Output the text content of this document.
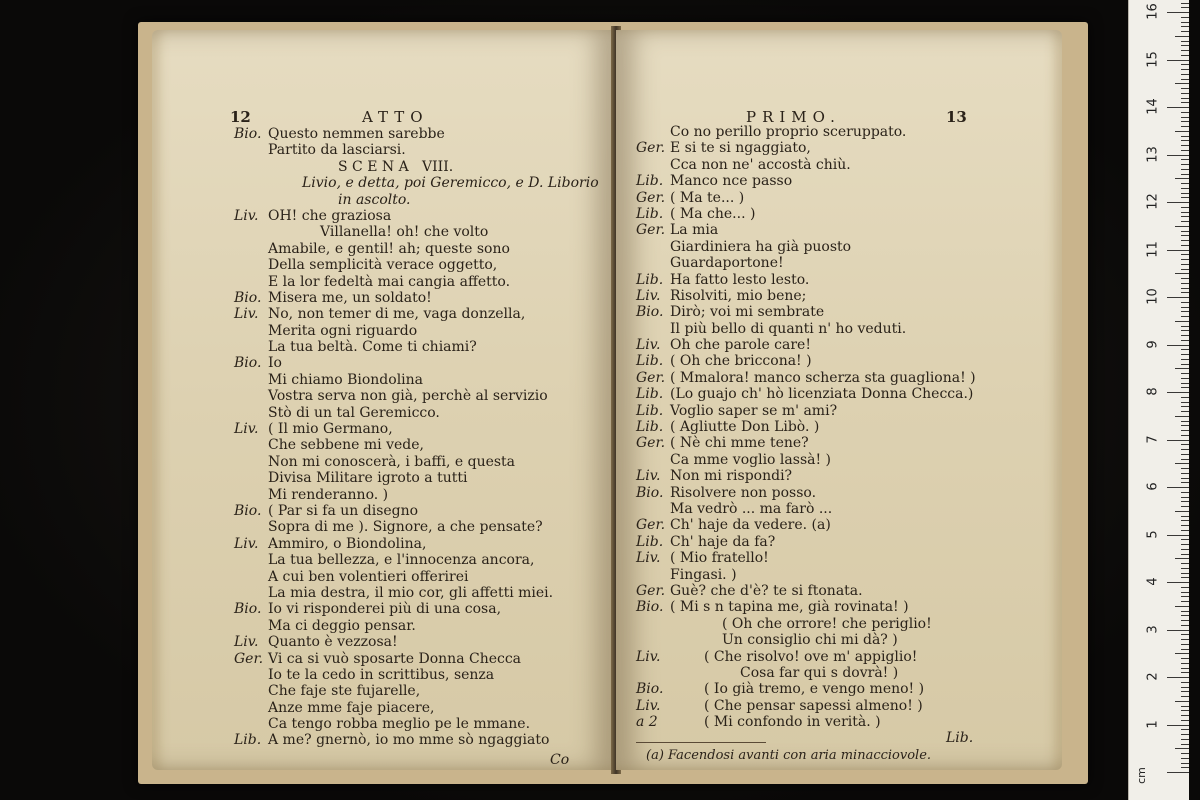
12	ATTO
Bio. Questo nemmen sarebbe
Partito da lasciarsi.
S C E N A   VIII.
Livio, e detta, poi Geremicco, e D. Liborio
in ascolto.
Liv. OH! che graziosa
Villanella! oh! che volto
Amabile, e gentil! ah; queste sono
Della semplicità verace oggetto,
E la lor fedeltà mai cangia affetto.
Bio. Misera me, un soldato!
Liv. No, non temer di me, vaga donzella,
Merita ogni riguardo
La tua beltà. Come ti chiami?
Bio. Io
Mi chiamo Biondolina
Vostra serva non già, perchè al servizio
Stò di un tal Geremicco.
Liv. ( Il mio Germano,
Che sebbene mi vede,
Non mi conoscerà, i baffi, e questa
Divisa Militare igroto a tutti
Mi renderanno. )
Bio. ( Par si fa un disegno
Sopra di me ). Signore, a che pensate?
Liv. Ammiro, o Biondolina,
La tua bellezza, e l'innocenza ancora,
A cui ben volentieri offerirei
La mia destra, il mio cor, gli affetti miei.
Bio. Io vi risponderei più di una cosa,
Ma ci deggio pensar.
Liv. Quanto è vezzosa!
Ger. Vi ca si vuò sposarte Donna Checca
Io te la cedo in scrittibus, senza
Che faje ste fujarelle,
Anze mme faje piacere,
Ca tengo robba meglio pe le mmane.
Lib. A me? gnernò, io mo mme sò ngaggiato
Co
PRIMO.	13
Co no perillo proprio sceruppato.
Ger. E si te si ngaggiato,
Cca non ne' accostà chiù.
Lib. Manco nce passo
Ger. ( Ma te... )
Lib. ( Ma che... )
Ger. La mia
Giardiniera ha già puosto
Guardaportone!
Lib. Ha fatto lesto lesto.
Liv. Risolviti, mio bene;
Bio. Dirò; voi mi sembrate
Il più bello di quanti n' ho veduti.
Liv. Oh che parole care!
Lib. ( Oh che briccona! )
Ger. ( Mmalora! manco scherza sta guagliona! )
Lib. (Lo guajo ch' hò licenziata Donna Checca.)
Lib. Voglio saper se m' ami?
Lib. ( Agliutte Don Libò. )
Ger. ( Nè chi mme tene?
Ca mme voglio lassà! )
Liv. Non mi rispondi?
Bio. Risolvere non posso.
Ma vedrò ... ma farò ...
Ger. Ch' haje da vedere. (a)
Lib. Ch' haje da fa?
Liv. ( Mio fratello!
Fingasi. )
Ger. Guè? che d'è? te si ftonata.
Bio. ( Mi s n tapina me, già rovinata! )
( Oh che orrore! che periglio!
Un consiglio chi mi dà? )
Liv.	( Che risolvo! ove m' appiglio!
Cosa far qui s dovrà! )
Bio.	( Io già tremo, e vengo meno! )
Liv.	( Che pensar sapessi almeno! )
a 2	( Mi confondo in verità. )
Lib.
(a) Facendosi avanti con aria minacciovole.
cm
1
2
3
4
5
6
7
8
9
10
11
12
13
14
15
16
